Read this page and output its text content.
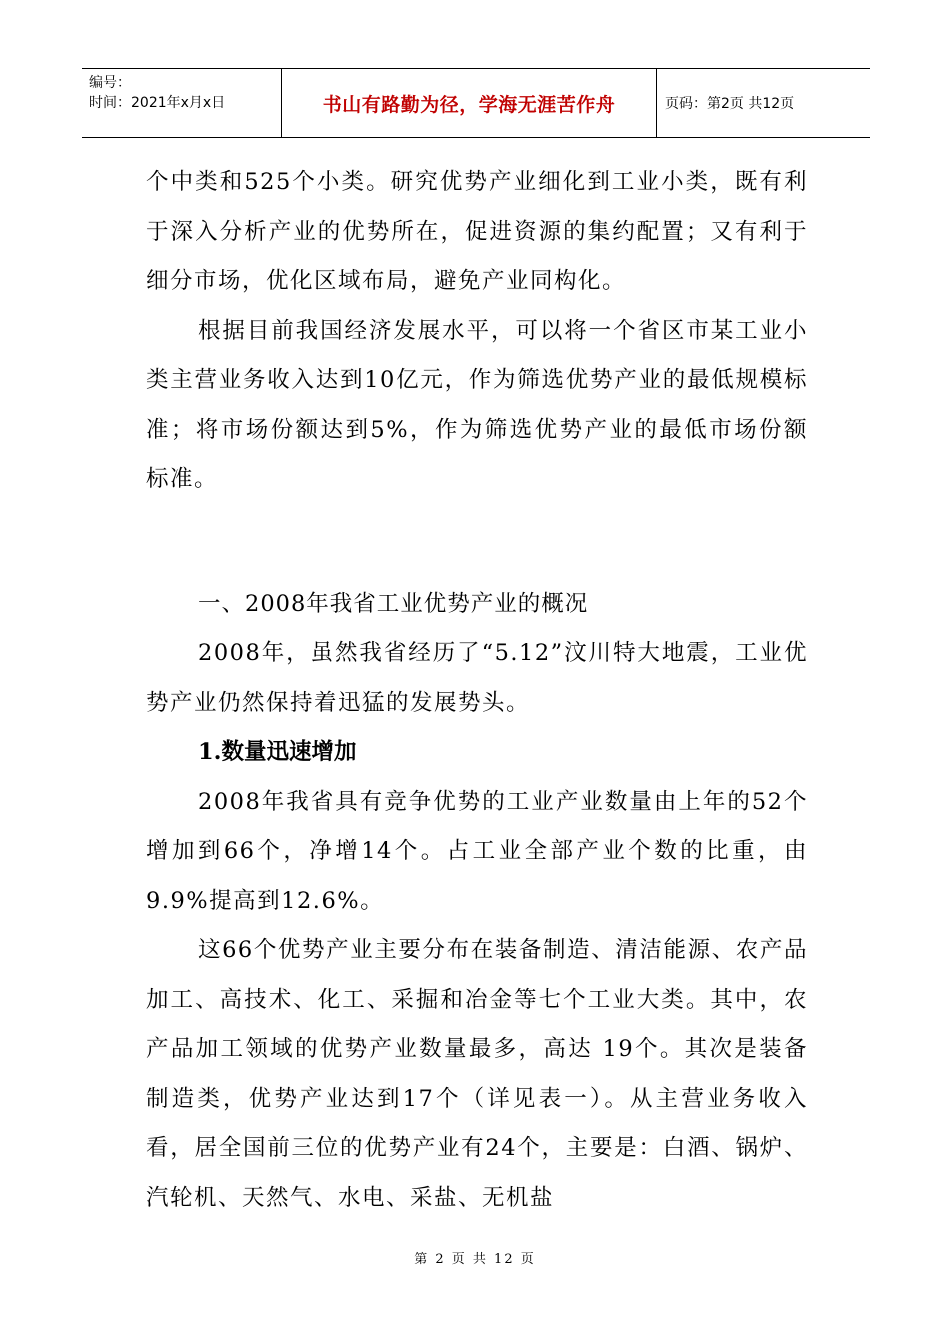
编号：
时间：2021年x月x日	书山有路勤为径，学海无涯苦作舟	页码：第2页 共12页

个中类和525个小类。研究优势产业细化到工业小类，既有利于深入分析产业的优势所在，促进资源的集约配置；又有利于细分市场，优化区域布局，避免产业同构化。

根据目前我国经济发展水平，可以将一个省区市某工业小类主营业务收入达到10亿元，作为筛选优势产业的最低规模标准；将市场份额达到5%，作为筛选优势产业的最低市场份额标准。

一、2008年我省工业优势产业的概况

2008年，虽然我省经历了“5.12”汶川特大地震，工业优势产业仍然保持着迅猛的发展势头。

1.数量迅速增加

2008年我省具有竞争优势的工业产业数量由上年的52个增加到66个，净增14个。占工业全部产业个数的比重，由9.9%提高到12.6%。

这66个优势产业主要分布在装备制造、清洁能源、农产品加工、高技术、化工、采掘和冶金等七个工业大类。其中，农产品加工领域的优势产业数量最多，高达 19个。其次是装备制造类，优势产业达到17个（详见表一）。从主营业务收入看，居全国前三位的优势产业有24个，主要是：白酒、锅炉、汽轮机、天然气、水电、采盐、无机盐

第 2 页 共 12 页
